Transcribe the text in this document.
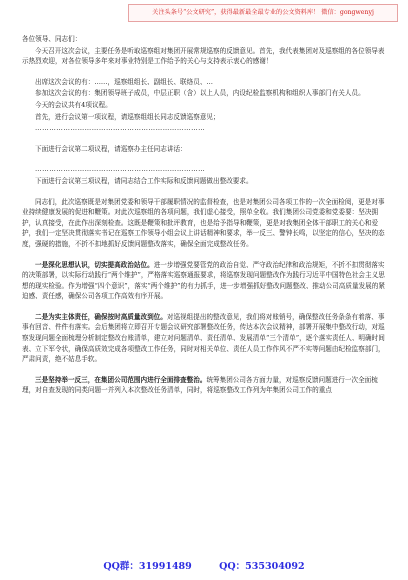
关注头条号“公文研究”，获得最新最全最专业的公文资料库！ 微信：gongwenyj

各位领导、同志们：

今天召开这次会议，主要任务是听取巡察组对集团开展常规巡察的反馈意见。首先，我代表集团对及巡察组的各位领导表示热烈欢迎，对各位领导多年来对事业特别是工作给予的关心与支持表示衷心的感谢！

出席这次会议的有：……，巡察组组长、副组长、联络员、…

参加这次会议的有：集团领导班子成员，中层正职（含）以上人员，内设纪检监察机构和组织人事部门有关人员。

今天的会议共有4项议程。

首先，进行会议第一项议程，请巡察组组长同志反馈巡察意见；

………………………………………………………………

下面进行会议第二项议程，请巡察办主任同志讲话：

………………………………………………………………

下面进行会议第三项议程，请同志结合工作实际和反馈问题做出整改要求。

同志们，此次巡察既是对集团党委和领导干部履职情况的监督检查，也是对集团公司各项工作的一次全面检阅，更是对事业持续健康发展的促进和鞭策。对此次巡察组的各项问题，我们虚心接受，照单全收。我们集团公司党委和党委要：坚决拥护，认真接受，在此作出深刻检查。这既是鞭策和批评教育，也是给予指导和鞭策，更是对我集团全体干部职工的关心和爱护，我们一定坚决贯彻落实书记在巡察工作领导小组会议上讲话精神和要求，举一反三、警钟长鸣，以坚定的信心，坚决的态度，强硬的措施，不折不扣地抓好反馈问题整改落实，确保全面完成整改任务。

一是深化思想认识，切实提高政治站位。进一步增强党要管党的政治自觉、严守政治纪律和政治规矩，不折不扣贯彻落实的决策部署，以实际行动践行“两个维护”，严格落实巡察通报要求，将巡察发现问题整改作为践行习近平中国特色社会主义思想的现实检验。作为增强“四个意识”，落实“两个维护”的有力抓手，进一步增强抓好整改问题整改、推动公司高质量发展的紧迫感、责任感，确保公司各项工作高效有序开展。

二是为实主体责任，确保按时高质量改到位。对巡视组提出的整改意见，我们将对账销号，确保整改任务条条有着落、事事有回音、件件有落实。会后集团将立即召开专题会议研究部署整改任务，传达本次会议精神，部署开展集中整改行动，对巡察发现问题全面梳理分析制定整改台账清单，建立对问题清单、责任清单、发展清单“三个清单”，逐个落实责任人、明确时间表、立下军令状，确保高质效完成各项整改工作任务，同时对相关单位、责任人员工作作风不严不实等问题由纪检监察部门，严肃问责，绝不姑息手软。

三是坚持举一反三，在集团公司范围内进行全面排查整治。统筹集团公司各方面力量，对巡察反馈问题进行一次全面梳理，对自查发现的同类问题一并列入本次整改任务清单，同时，将巡察整改工作列为年集团公司工作的重点

QQ群：31991489	QQ：535304092
